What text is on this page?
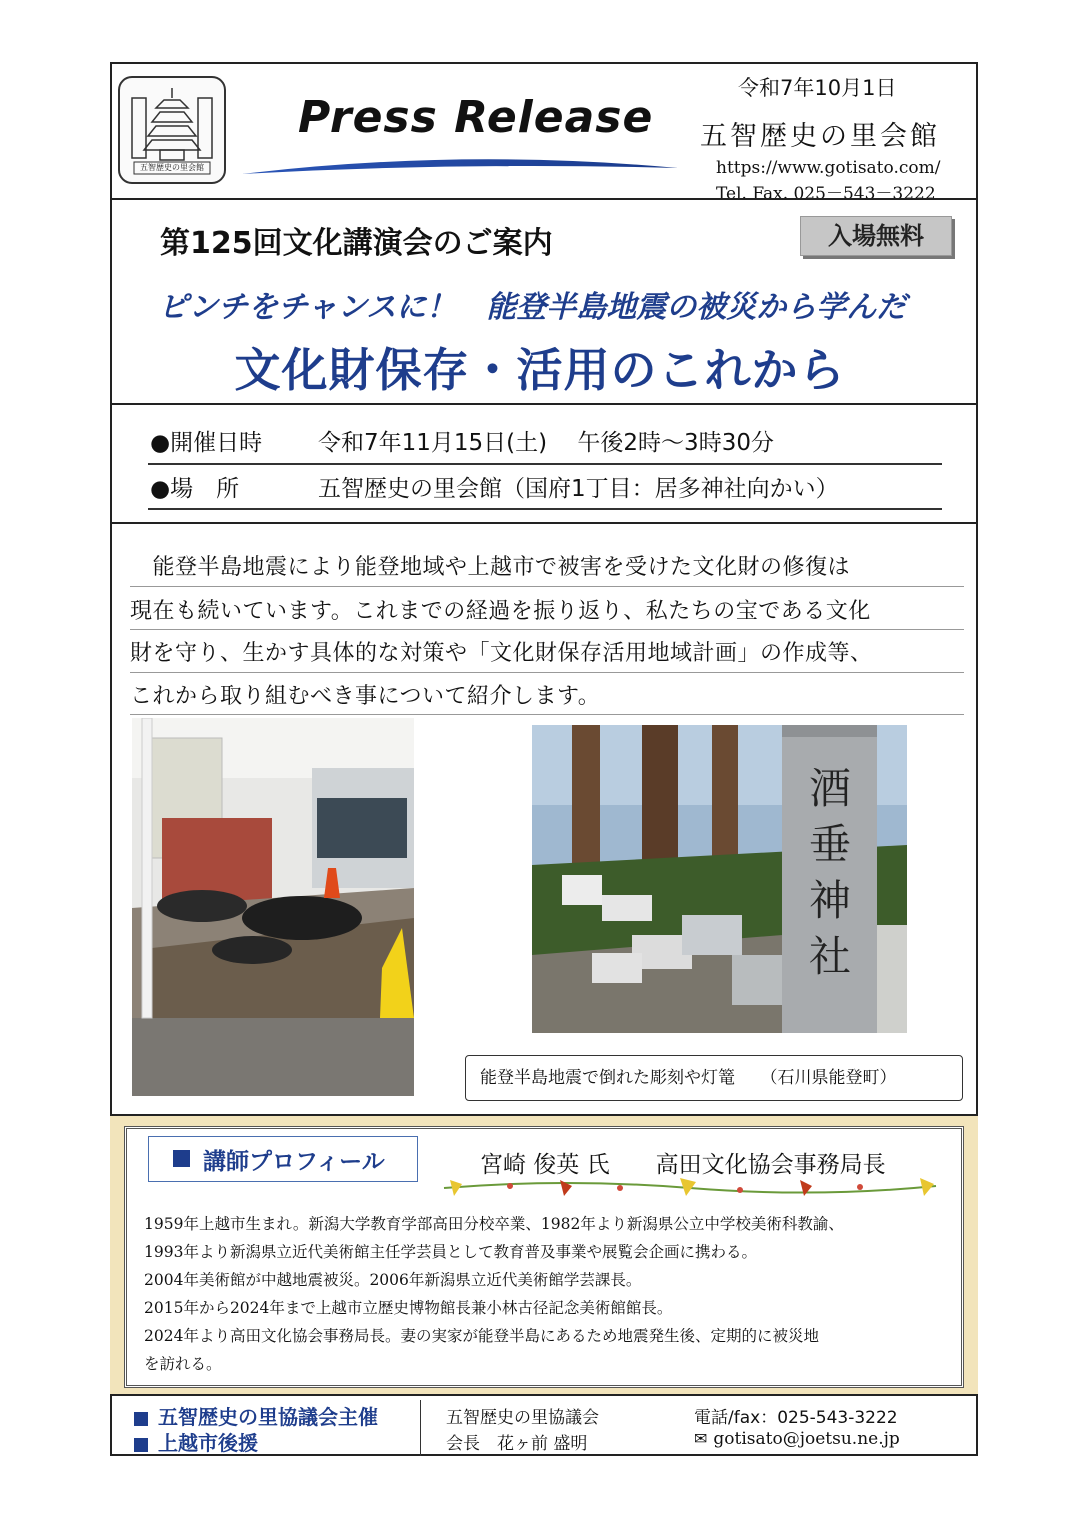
五智歴史の里会館
Press Release
令和7年10月1日
五智歴史の里会館
https://www.gotisato.com/
Tel. Fax. 025－543－3222
第125回文化講演会のご案内	入場無料
ピンチをチャンスに！　能登半島地震の被災から学んだ
文化財保存・活用のこれから
●開催日時 令和7年11月15日(土)　 午後2時～3時30分
●場　所	五智歴史の里会館（国府1丁目：居多神社向かい）
　能登半島地震により能登地域や上越市で被害を受けた文化財の修復は
現在も続いています。これまでの経過を振り返り、私たちの宝である文化
財を守り、生かす具体的な対策や「文化財保存活用地域計画」の作成等、
これから取り組むべき事について紹介します。
酒垂神社
能登半島地震で倒れた彫刻や灯篭　　（石川県能登町）
講師プロフィール	宮崎 俊英 氏　　高田文化協会事務局長
1959年上越市生まれ。新潟大学教育学部高田分校卒業、1982年より新潟県公立中学校美術科教諭、
1993年より新潟県立近代美術館主任学芸員として教育普及事業や展覧会企画に携わる。
2004年美術館が中越地震被災。2006年新潟県立近代美術館学芸課長。
2015年から2024年まで上越市立歴史博物館長兼小林古径記念美術館館長。
2024年より高田文化協会事務局長。妻の実家が能登半島にあるため地震発生後、定期的に被災地
を訪れる。
五智歴史の里協議会主催
上越市後援
五智歴史の里協議会
会長　花ヶ前 盛明
電話/fax：025-543-3222
✉ gotisato@joetsu.ne.jp
